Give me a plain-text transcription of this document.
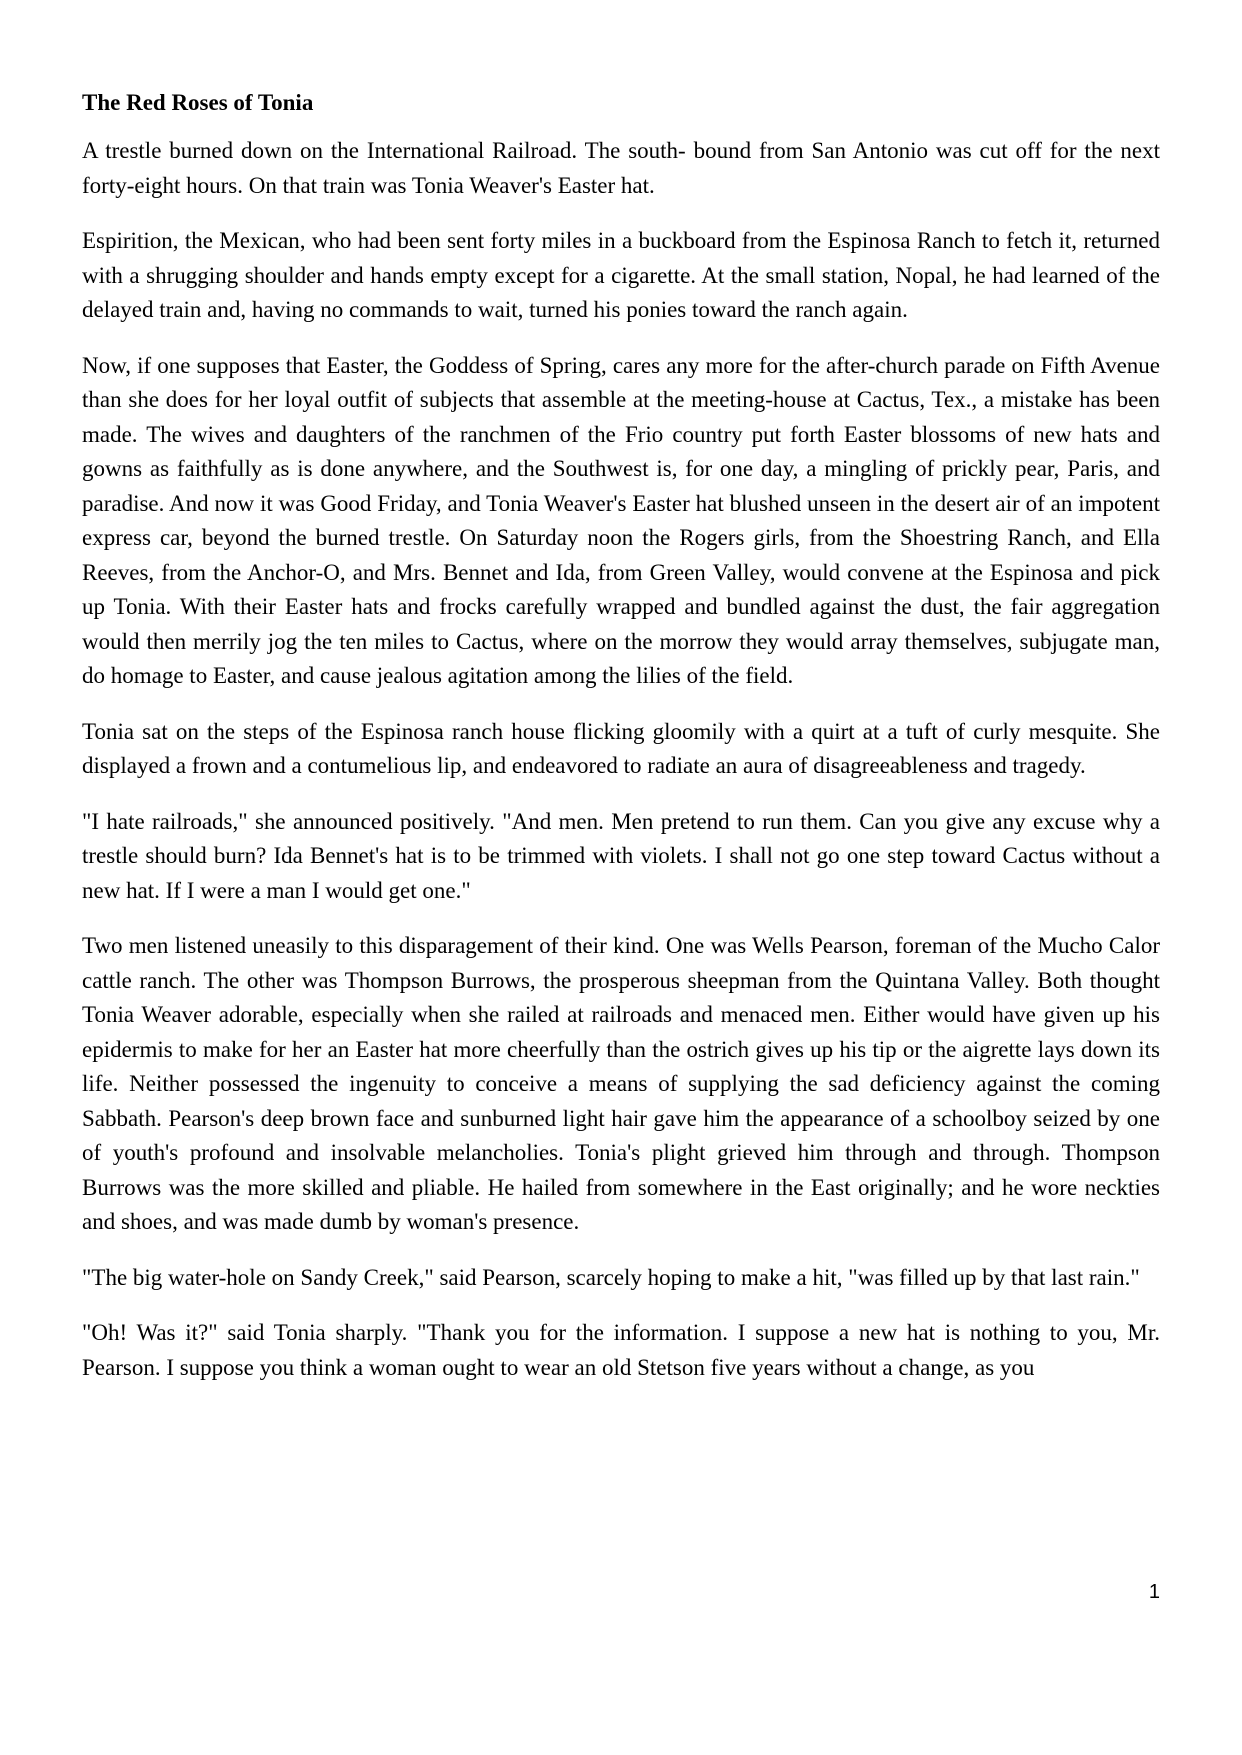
The Red Roses of Tonia

A trestle burned down on the International Railroad. The south- bound from San Antonio was cut off for the next forty-eight hours. On that train was Tonia Weaver's Easter hat.

Espirition, the Mexican, who had been sent forty miles in a buckboard from the Espinosa Ranch to fetch it, returned with a shrugging shoulder and hands empty except for a cigarette. At the small station, Nopal, he had learned of the delayed train and, having no commands to wait, turned his ponies toward the ranch again.

Now, if one supposes that Easter, the Goddess of Spring, cares any more for the after-church parade on Fifth Avenue than she does for her loyal outfit of subjects that assemble at the meeting-house at Cactus, Tex., a mistake has been made. The wives and daughters of the ranchmen of the Frio country put forth Easter blossoms of new hats and gowns as faithfully as is done anywhere, and the Southwest is, for one day, a mingling of prickly pear, Paris, and paradise. And now it was Good Friday, and Tonia Weaver's Easter hat blushed unseen in the desert air of an impotent express car, beyond the burned trestle. On Saturday noon the Rogers girls, from the Shoestring Ranch, and Ella Reeves, from the Anchor-O, and Mrs. Bennet and Ida, from Green Valley, would convene at the Espinosa and pick up Tonia. With their Easter hats and frocks carefully wrapped and bundled against the dust, the fair aggregation would then merrily jog the ten miles to Cactus, where on the morrow they would array themselves, subjugate man, do homage to Easter, and cause jealous agitation among the lilies of the field.

Tonia sat on the steps of the Espinosa ranch house flicking gloomily with a quirt at a tuft of curly mesquite. She displayed a frown and a contumelious lip, and endeavored to radiate an aura of disagreeableness and tragedy.

"I hate railroads," she announced positively. "And men. Men pretend to run them. Can you give any excuse why a trestle should burn? Ida Bennet's hat is to be trimmed with violets. I shall not go one step toward Cactus without a new hat. If I were a man I would get one."

Two men listened uneasily to this disparagement of their kind. One was Wells Pearson, foreman of the Mucho Calor cattle ranch. The other was Thompson Burrows, the prosperous sheepman from the Quintana Valley. Both thought Tonia Weaver adorable, especially when she railed at railroads and menaced men. Either would have given up his epidermis to make for her an Easter hat more cheerfully than the ostrich gives up his tip or the aigrette lays down its life. Neither possessed the ingenuity to conceive a means of supplying the sad deficiency against the coming Sabbath. Pearson's deep brown face and sunburned light hair gave him the appearance of a schoolboy seized by one of youth's profound and insolvable melancholies. Tonia's plight grieved him through and through. Thompson Burrows was the more skilled and pliable. He hailed from somewhere in the East originally; and he wore neckties and shoes, and was made dumb by woman's presence.

"The big water-hole on Sandy Creek," said Pearson, scarcely hoping to make a hit, "was filled up by that last rain."

"Oh! Was it?" said Tonia sharply. "Thank you for the information. I suppose a new hat is nothing to you, Mr. Pearson. I suppose you think a woman ought to wear an old Stetson five years without a change, as you

1
